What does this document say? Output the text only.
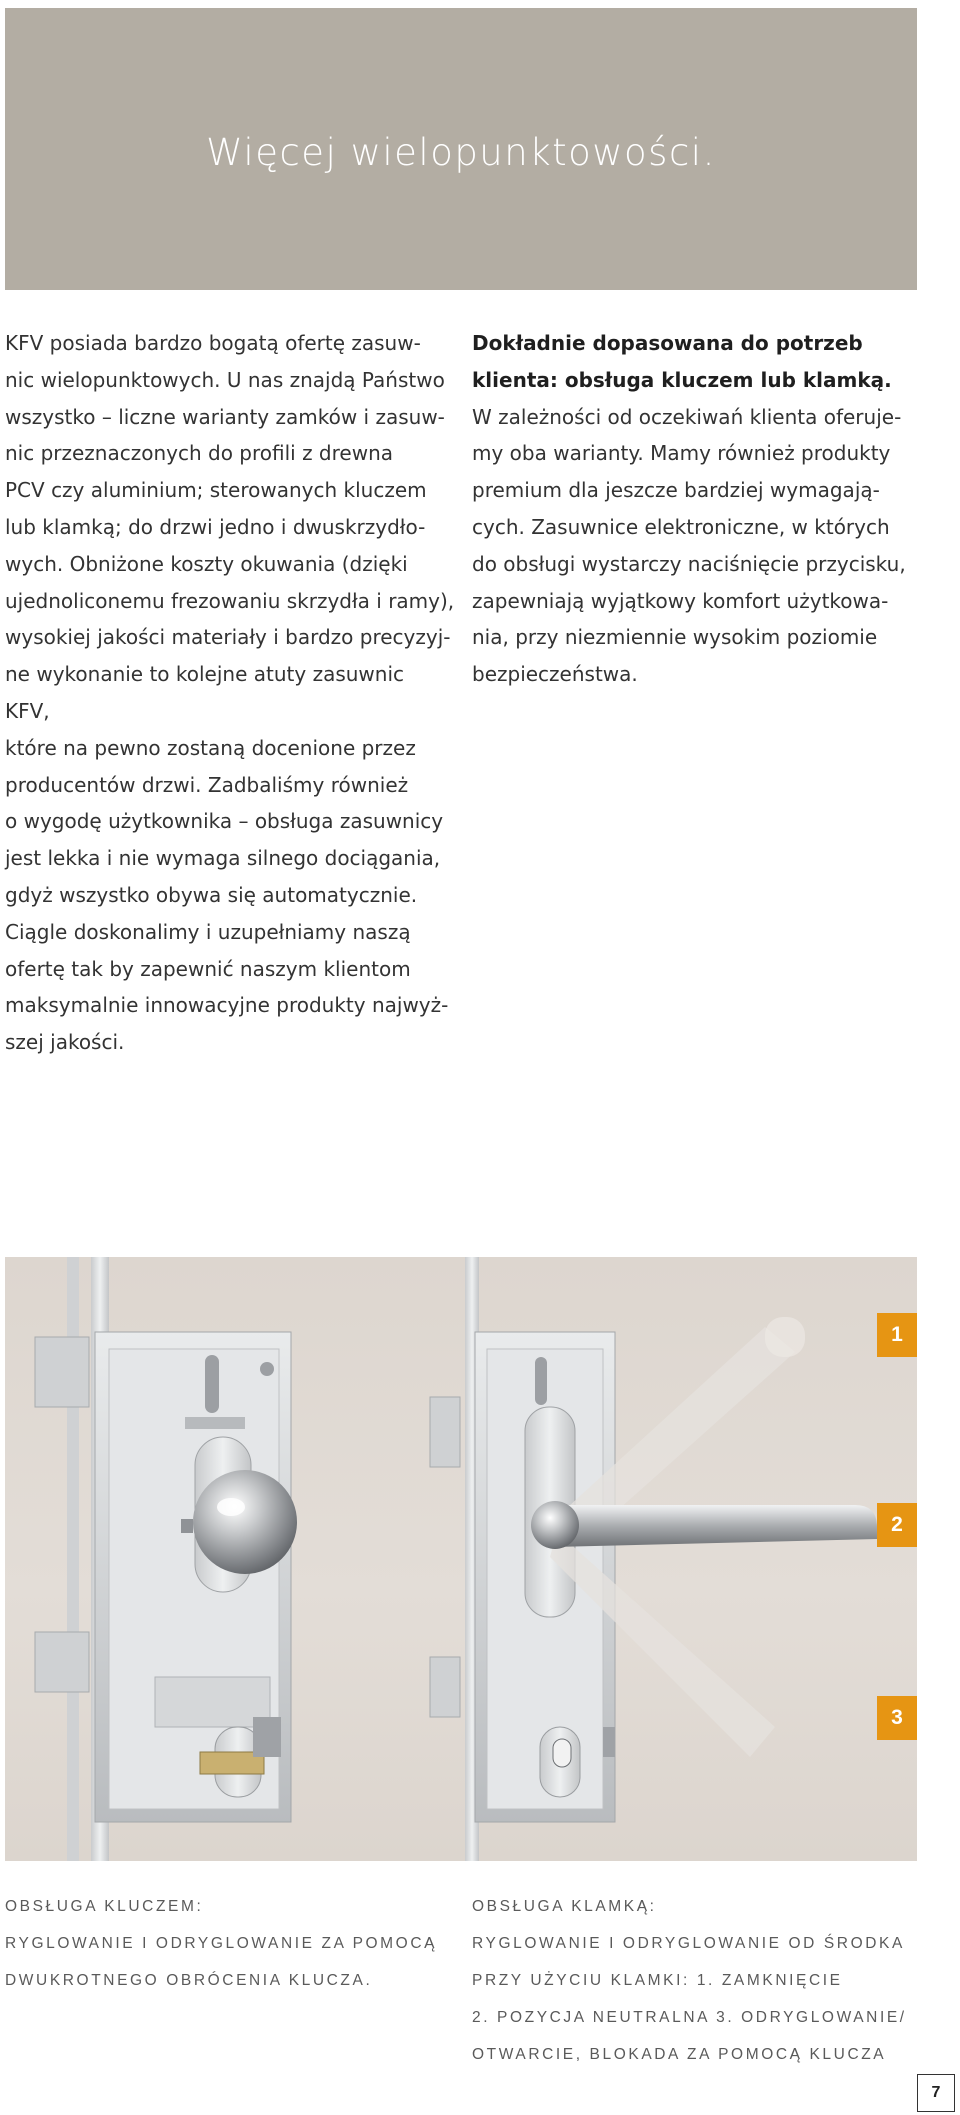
Więcej wielopunktowości.

KFV posiada bardzo bogatą ofertę zasuw-
nic wielopunktowych. U nas znajdą Państwo
wszystko – liczne warianty zamków i zasuw-
nic przeznaczonych do profili z drewna
PCV czy aluminium; sterowanych kluczem
lub klamką; do drzwi jedno i dwuskrzydło-
wych. Obniżone koszty okuwania (dzięki
ujednoliconemu frezowaniu skrzydła i ramy),
wysokiej jakości materiały i bardzo precyzyj-
ne wykonanie to kolejne atuty zasuwnic KFV,
które na pewno zostaną docenione przez
producentów drzwi. Zadbaliśmy również
o wygodę użytkownika – obsługa zasuwnicy
jest lekka i nie wymaga silnego dociągania,
gdyż wszystko obywa się automatycznie.
Ciągle doskonalimy i uzupełniamy naszą
ofertę tak by zapewnić naszym klientom
maksymalnie innowacyjne produkty najwyż-
szej jakości.

Dokładnie dopasowana do potrzeb
klienta: obsługa kluczem lub klamką.

W zależności od oczekiwań klienta oferuje-
my oba warianty. Mamy również produkty
premium dla jeszcze bardziej wymagają-
cych. Zasuwnice elektroniczne, w których
do obsługi wystarczy naciśnięcie przycisku,
zapewniają wyjątkowy komfort użytkowa-
nia, przy niezmiennie wysokim poziomie
bezpieczeństwa.

1
2
3
OBSŁUGA KLUCZEM:
RYGLOWANIE I ODRYGLOWANIE ZA POMOCĄ
DWUKROTNEGO OBRÓCENIA KLUCZA.
OBSŁUGA KLAMKĄ:
RYGLOWANIE I ODRYGLOWANIE OD ŚRODKA
PRZY UŻYCIU KLAMKI: 1. ZAMKNIĘCIE
2. POZYCJA NEUTRALNA 3. ODRYGLOWANIE/
OTWARCIE, BLOKADA ZA POMOCĄ KLUCZA
7
